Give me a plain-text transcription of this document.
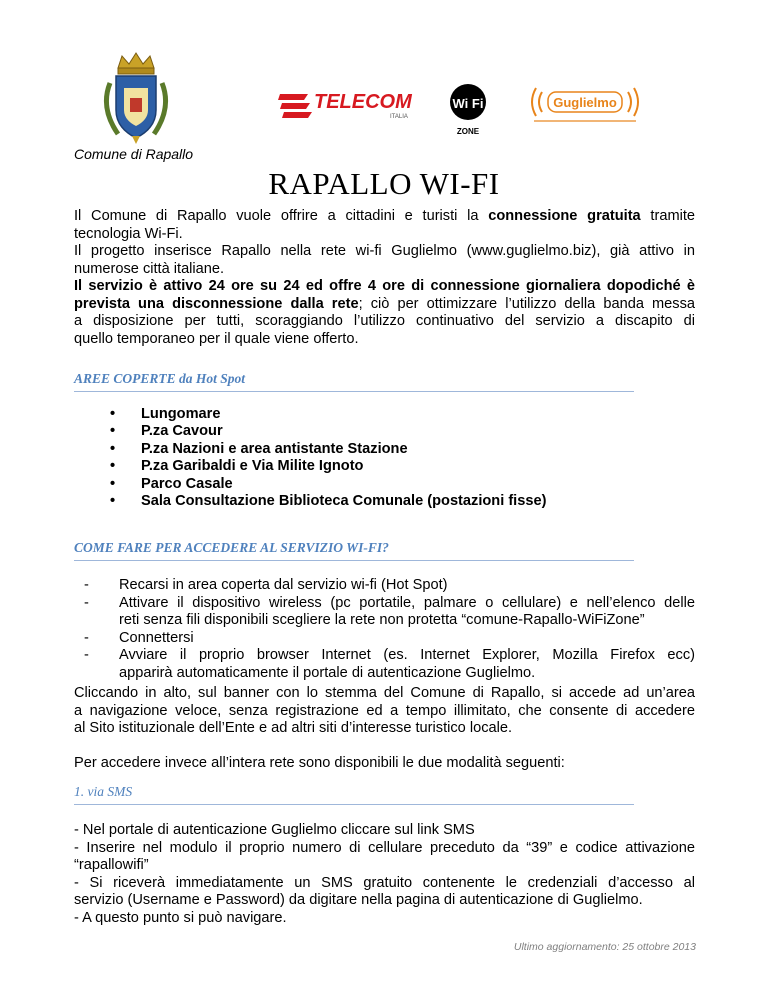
TELECOM
ITALIA
Wi Fi
ZONE
Guglielmo
Comune di Rapallo
RAPALLO WI-FI
Il Comune di Rapallo vuole offrire a cittadini e turisti la connessione gratuita tramite
tecnologia Wi-Fi.
Il progetto inserisce Rapallo nella rete wi-fi Guglielmo (www.guglielmo.biz), già attivo in
numerose città italiane.
Il servizio è attivo 24 ore su 24 ed offre 4 ore di connessione giornaliera dopodiché è
prevista una disconnessione dalla rete; ciò per ottimizzare l’utilizzo della banda messa
a disposizione per tutti, scoraggiando l’utilizzo continuativo del servizio a discapito di
quello temporaneo per il quale viene offerto.
AREE COPERTE da Hot Spot
• Lungomare
• P.za Cavour
• P.za Nazioni e area antistante Stazione
• P.za Garibaldi e Via Milite Ignoto
• Parco Casale
• Sala Consultazione Biblioteca Comunale (postazioni fisse)
COME FARE PER ACCEDERE AL SERVIZIO WI-FI?
- Recarsi in area coperta dal servizio wi-fi (Hot Spot)
- Attivare il dispositivo wireless (pc portatile, palmare o cellulare) e nell’elenco delle
reti senza fili disponibili scegliere la rete non protetta “comune-Rapallo-WiFiZone”
- Connettersi
- Avviare il proprio browser Internet (es. Internet Explorer, Mozilla Firefox ecc)
apparirà automaticamente il portale di autenticazione Guglielmo.
Cliccando in alto, sul banner con lo stemma del Comune di Rapallo, si accede ad un’area
a navigazione veloce, senza registrazione ed a tempo illimitato, che consente di accedere
al Sito istituzionale dell’Ente e ad altri siti d’interesse turistico locale.
Per accedere invece all’intera rete sono disponibili le due modalità seguenti:
1. via SMS
- Nel portale di autenticazione Guglielmo cliccare sul link SMS
- Inserire nel modulo il proprio numero di cellulare preceduto da “39” e codice attivazione
“rapallowifi”
- Si riceverà immediatamente un SMS gratuito contenente le credenziali d’accesso al
servizio (Username e Password) da digitare nella pagina di autenticazione di Guglielmo.
- A questo punto si può navigare.
Ultimo aggiornamento: 25 ottobre 2013
